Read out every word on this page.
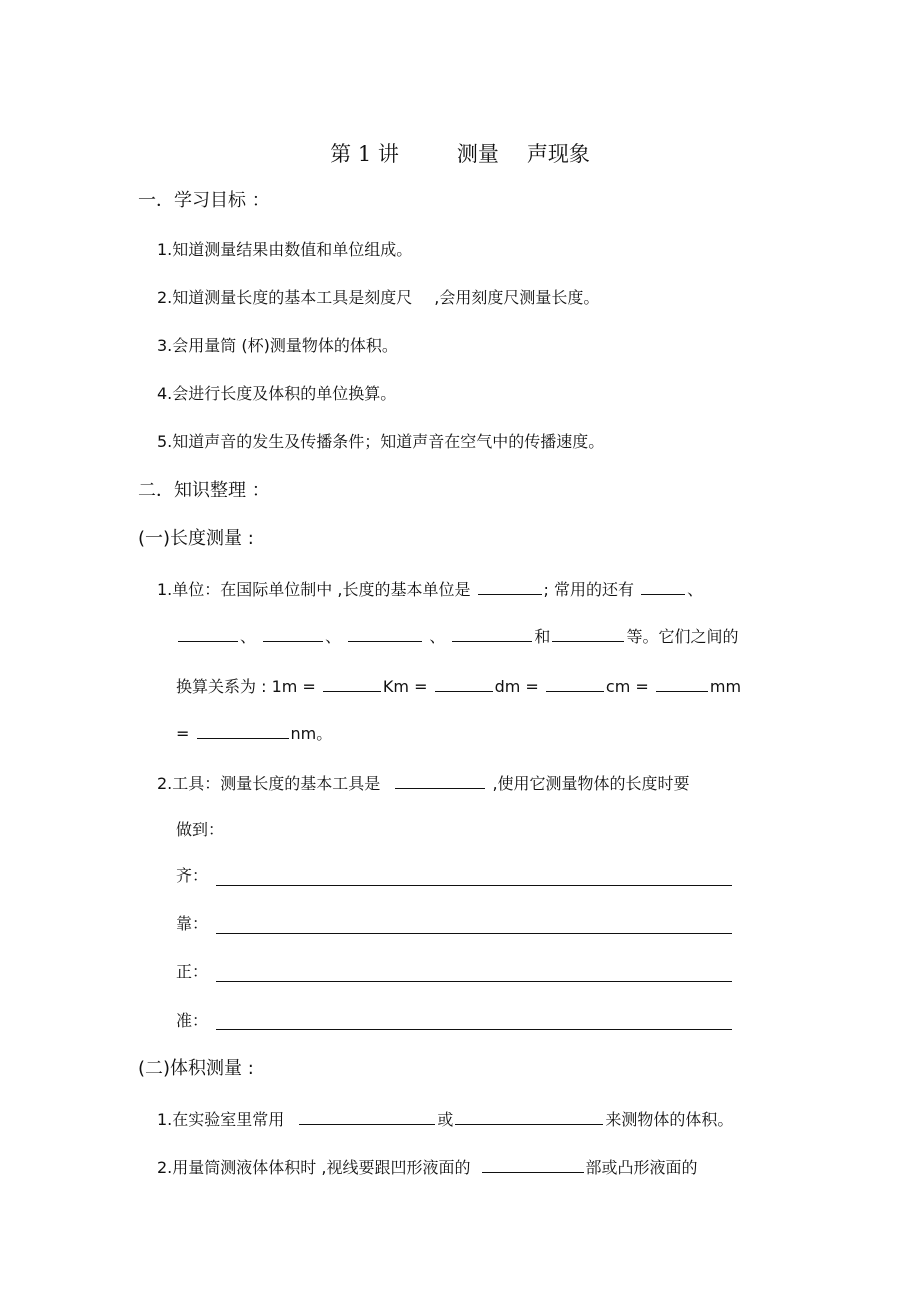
第 1 讲	测量 声现象
一．学习目标 ：
1.知道测量结果由数值和单位组成。
2.知道测量长度的基本工具是刻度尺 ,会用刻度尺测量长度。
3.会用量筒 (杯)测量物体的体积。
4.会进行长度及体积的单位换算。
5.知道声音的发生及传播条件；知道声音在空气中的传播速度。
二．知识整理 ：
(一)长度测量 :
1.单位：在国际单位制中 ,长度的基本单位是	; 常用的还有	、
、	、	、	和	等。它们之间的
换算关系为 : 1m =	Km =	dm =	cm =	mm
=	nm。
2.工具：测量长度的基本工具是	,使用它测量物体的长度时要
做到：
齐：
靠：
正：
准：
(二)体积测量 :
1.在实验室里常用	或	来测物体的体积。
2.用量筒测液体体积时 ,视线要跟凹形液面的	部或凸形液面的
